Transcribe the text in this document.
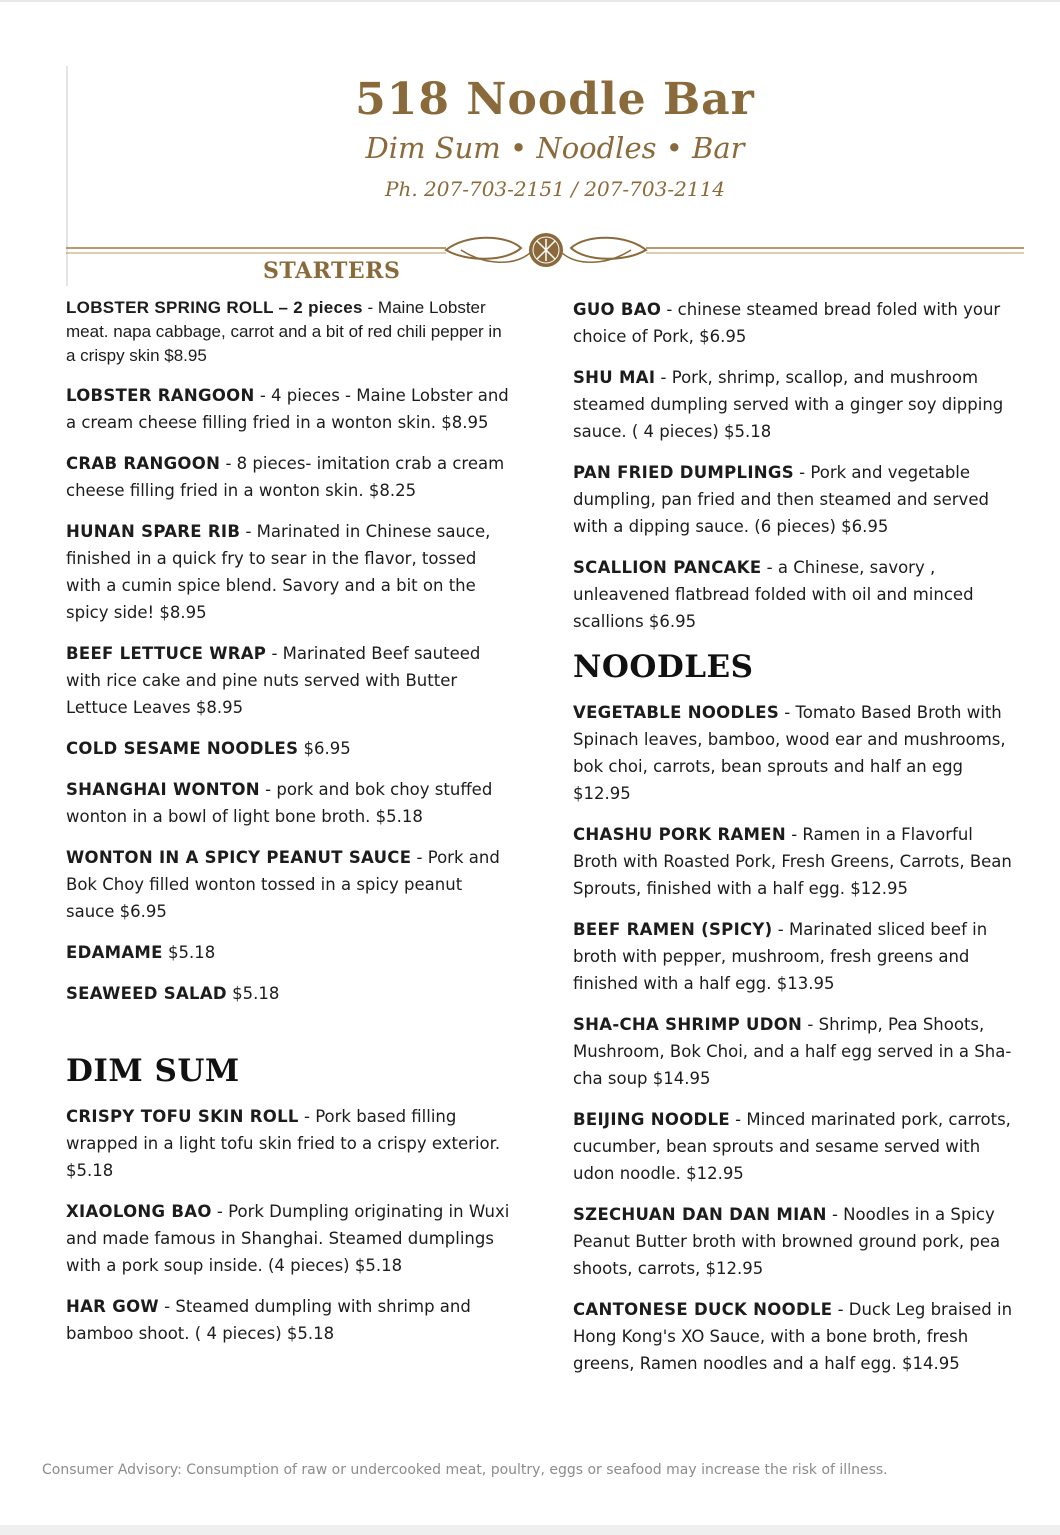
518 Noodle Bar
Dim Sum • Noodles • Bar
Ph. 207-703-2151 / 207-703-2114
STARTERS

LOBSTER SPRING ROLL – 2 pieces - Maine Lobster meat. napa cabbage, carrot and a bit of red chili pepper in a crispy skin $8.95

LOBSTER RANGOON - 4 pieces - Maine Lobster and a cream cheese filling fried in a wonton skin. $8.95

CRAB RANGOON - 8 pieces- imitation crab a cream cheese filling fried in a wonton skin. $8.25

HUNAN SPARE RIB - Marinated in Chinese sauce, finished in a quick fry to sear in the flavor, tossed with a cumin spice blend. Savory and a bit on the spicy side! $8.95

BEEF LETTUCE WRAP - Marinated Beef sauteed with rice cake and pine nuts served with Butter Lettuce Leaves $8.95

COLD SESAME NOODLES $6.95

SHANGHAI WONTON - pork and bok choy stuffed wonton in a bowl of light bone broth. $5.18

WONTON IN A SPICY PEANUT SAUCE - Pork and Bok Choy filled wonton tossed in a spicy peanut sauce $6.95

EDAMAME $5.18

SEAWEED SALAD $5.18

DIM SUM

CRISPY TOFU SKIN ROLL - Pork based filling wrapped in a light tofu skin fried to a crispy exterior. $5.18

XIAOLONG BAO - Pork Dumpling originating in Wuxi and made famous in Shanghai. Steamed dumplings with a pork soup inside. (4 pieces) $5.18

HAR GOW - Steamed dumpling with shrimp and bamboo shoot. ( 4 pieces) $5.18

GUO BAO - chinese steamed bread foled with your choice of Pork, $6.95

SHU MAI - Pork, shrimp, scallop, and mushroom steamed dumpling served with a ginger soy dipping sauce. ( 4 pieces) $5.18

PAN FRIED DUMPLINGS - Pork and vegetable dumpling, pan fried and then steamed and served with a dipping sauce. (6 pieces) $6.95

SCALLION PANCAKE - a Chinese, savory , unleavened flatbread folded with oil and minced scallions $6.95

NOODLES

VEGETABLE NOODLES - Tomato Based Broth with Spinach leaves, bamboo, wood ear and mushrooms, bok choi, carrots, bean sprouts and half an egg $12.95

CHASHU PORK RAMEN - Ramen in a Flavorful Broth with Roasted Pork, Fresh Greens, Carrots, Bean Sprouts, finished with a half egg. $12.95

BEEF RAMEN (SPICY) - Marinated sliced beef in broth with pepper, mushroom, fresh greens and finished with a half egg. $13.95

SHA-CHA SHRIMP UDON - Shrimp, Pea Shoots, Mushroom, Bok Choi, and a half egg served in a Sha-cha soup $14.95

BEIJING NOODLE - Minced marinated pork, carrots, cucumber, bean sprouts and sesame served with udon noodle. $12.95

SZECHUAN DAN DAN MIAN - Noodles in a Spicy Peanut Butter broth with browned ground pork, pea shoots, carrots, $12.95

CANTONESE DUCK NOODLE - Duck Leg braised in Hong Kong's XO Sauce, with a bone broth, fresh greens, Ramen noodles and a half egg. $14.95

Consumer Advisory: Consumption of raw or undercooked meat, poultry, eggs or seafood may increase the risk of illness.
